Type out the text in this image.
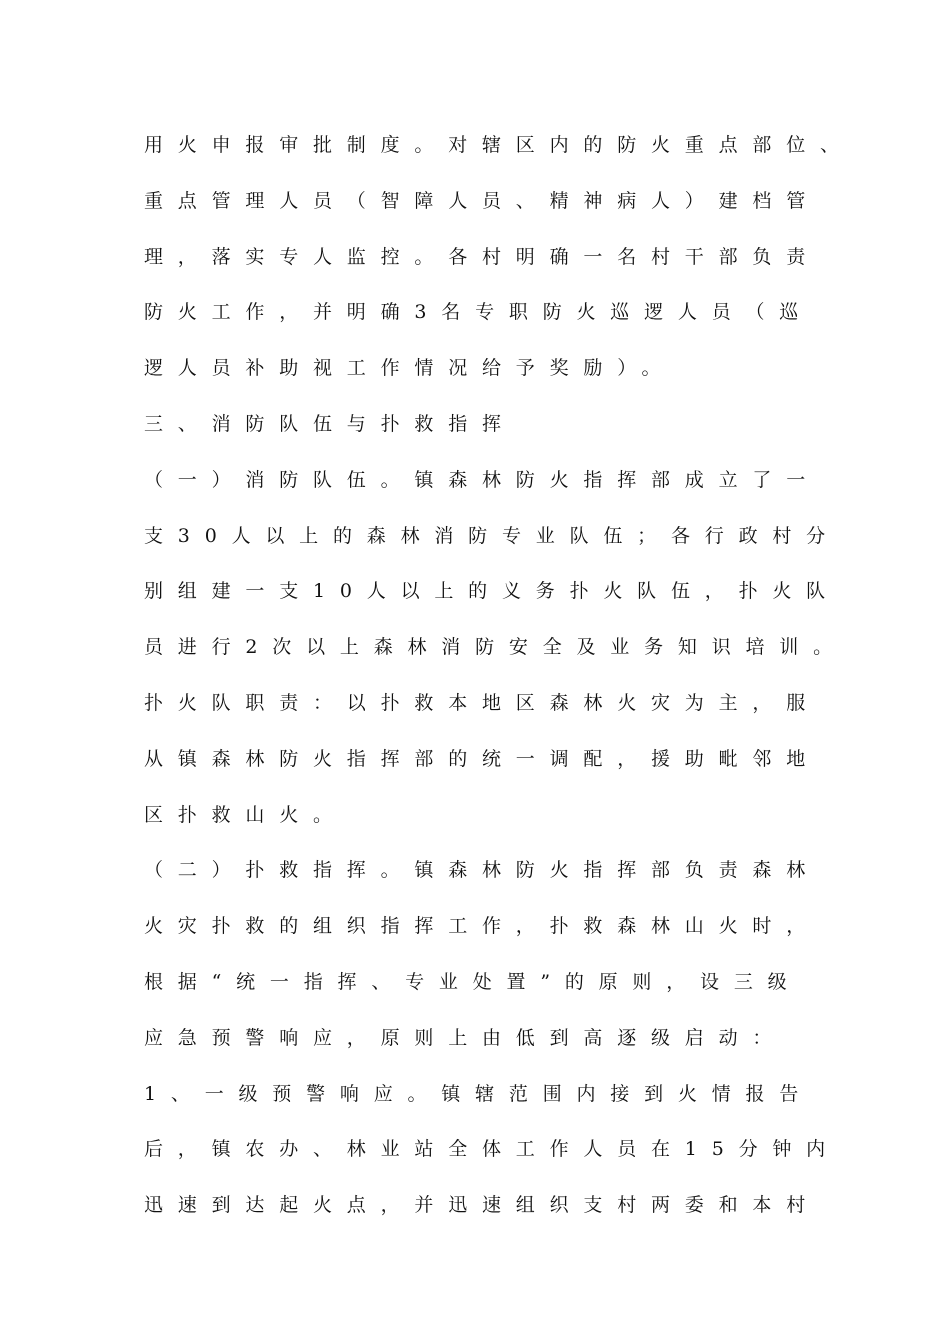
用火申报审批制度。对辖区内的防火重点部位、
重点管理人员（智障人员、精神病人）建档管
理，落实专人监控。各村明确一名村干部负责
防火工作，并明确3名专职防火巡逻人员（巡
逻人员补助视工作情况给予奖励）。
三、消防队伍与扑救指挥
（一）消防队伍。镇森林防火指挥部成立了一
支30人以上的森林消防专业队伍；各行政村分
别组建一支10人以上的义务扑火队伍，扑火队
员进行2次以上森林消防安全及业务知识培训。
扑火队职责：以扑救本地区森林火灾为主，服
从镇森林防火指挥部的统一调配，援助毗邻地
区扑救山火。
（二）扑救指挥。镇森林防火指挥部负责森林
火灾扑救的组织指挥工作，扑救森林山火时，
根据“统一指挥、专业处置”的原则，设三级
应急预警响应，原则上由低到高逐级启动：
1、一级预警响应。镇辖范围内接到火情报告
后，镇农办、林业站全体工作人员在15分钟内
迅速到达起火点，并迅速组织支村两委和本村
